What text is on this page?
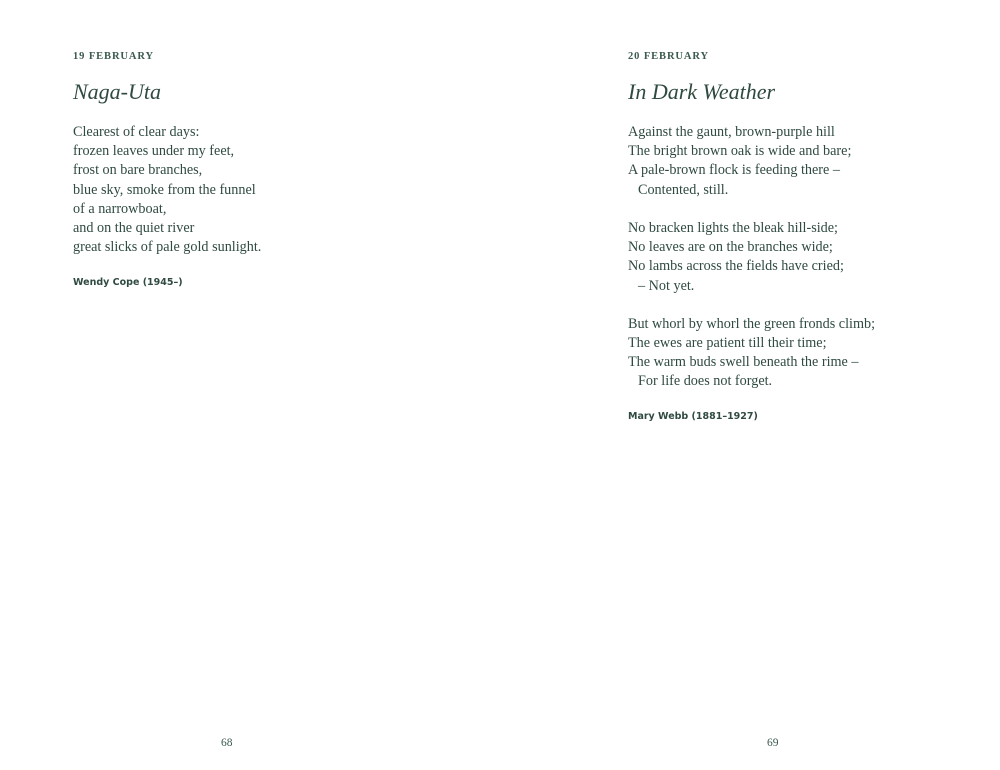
19 FEBRUARY
Naga-Uta
Clearest of clear days:
frozen leaves under my feet,
frost on bare branches,
blue sky, smoke from the funnel
of a narrowboat,
and on the quiet river
great slicks of pale gold sunlight.
Wendy Cope (1945–)
68
20 FEBRUARY
In Dark Weather
Against the gaunt, brown-purple hill
The bright brown oak is wide and bare;
A pale-brown flock is feeding there –
Contented, still.
No bracken lights the bleak hill-side;
No leaves are on the branches wide;
No lambs across the fields have cried;
– Not yet.
But whorl by whorl the green fronds climb;
The ewes are patient till their time;
The warm buds swell beneath the rime –
For life does not forget.
Mary Webb (1881–1927)
69
